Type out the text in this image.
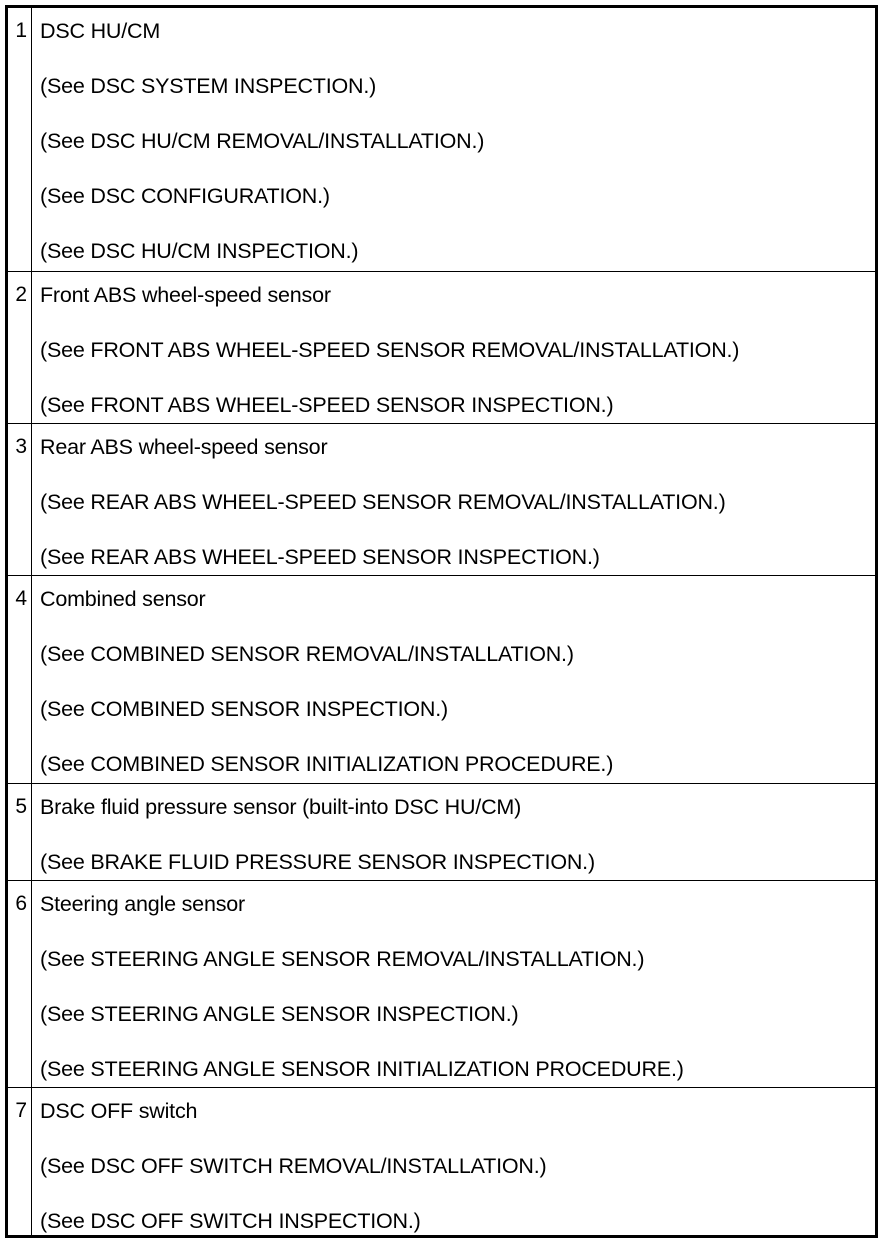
1 DSC HU/CM
(See DSC SYSTEM INSPECTION.)
(See DSC HU/CM REMOVAL/INSTALLATION.)
(See DSC CONFIGURATION.)
(See DSC HU/CM INSPECTION.)
2 Front ABS wheel-speed sensor
(See FRONT ABS WHEEL-SPEED SENSOR REMOVAL/INSTALLATION.)
(See FRONT ABS WHEEL-SPEED SENSOR INSPECTION.)
3 Rear ABS wheel-speed sensor
(See REAR ABS WHEEL-SPEED SENSOR REMOVAL/INSTALLATION.)
(See REAR ABS WHEEL-SPEED SENSOR INSPECTION.)
4 Combined sensor
(See COMBINED SENSOR REMOVAL/INSTALLATION.)
(See COMBINED SENSOR INSPECTION.)
(See COMBINED SENSOR INITIALIZATION PROCEDURE.)
5 Brake fluid pressure sensor (built-into DSC HU/CM)
(See BRAKE FLUID PRESSURE SENSOR INSPECTION.)
6 Steering angle sensor
(See STEERING ANGLE SENSOR REMOVAL/INSTALLATION.)
(See STEERING ANGLE SENSOR INSPECTION.)
(See STEERING ANGLE SENSOR INITIALIZATION PROCEDURE.)
7 DSC OFF switch
(See DSC OFF SWITCH REMOVAL/INSTALLATION.)
(See DSC OFF SWITCH INSPECTION.)
